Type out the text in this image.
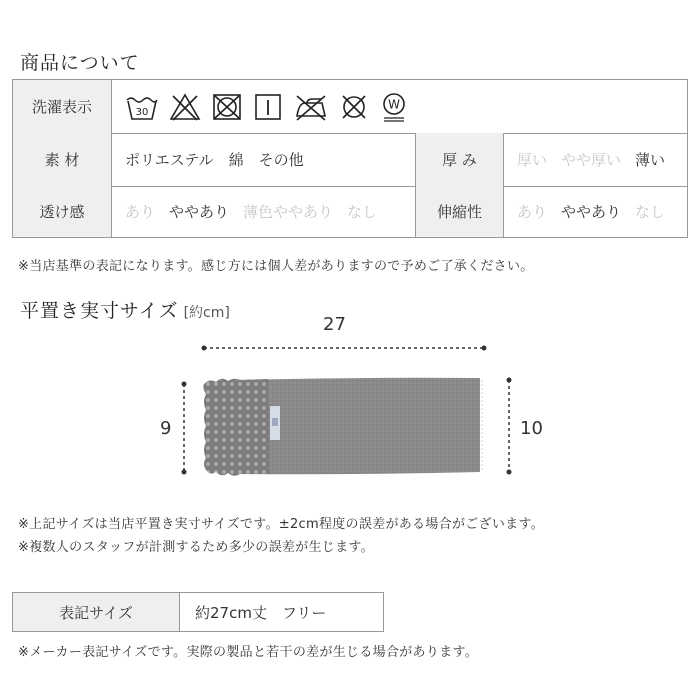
商品について
洗濯表示	30
W
素 材	ポリエステル　綿　その他	厚 み	厚い やや厚い 薄い
透け感	あり ややあり 薄色ややあり なし	伸縮性	あり ややあり なし
※当店基準の表記になります。感じ方には個人差がありますので予めご了承ください。
平置き実寸サイズ [約cm]
27
9	10
※上記サイズは当店平置き実寸サイズです。±2cm程度の誤差がある場合がございます。
※複数人のスタッフが計測するため多少の誤差が生じます。
表記サイズ	約27cm丈　フリー
※メーカー表記サイズです。実際の製品と若干の差が生じる場合があります。
